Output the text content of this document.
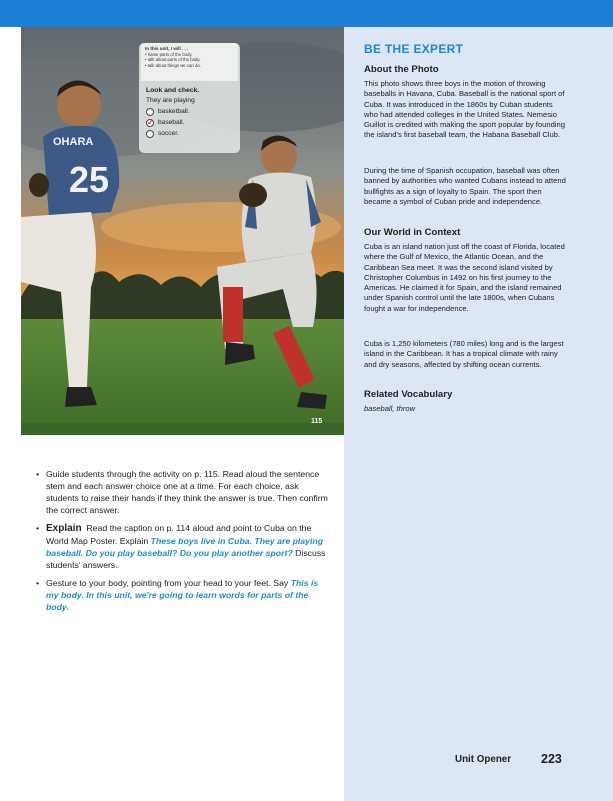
OHARA
25
115
In this unit, I will . . .
• name parts of the body.
• talk about parts of the body.
• talk about things we can do.
Look and check.
They are playing
basketball.
✓
baseball.
soccer.
BE THE EXPERT
About the Photo
This photo shows three boys in the motion of throwing baseballs in Havana, Cuba. Baseball is the national sport of Cuba. It was introduced in the 1860s by Cuban students who had attended colleges in the United States. Nemesio Guillot is credited with making the sport popular by founding the island's first baseball team, the Habana Baseball Club.
During the time of Spanish occupation, baseball was often banned by authorities who wanted Cubans instead to attend bullfights as a sign of loyalty to Spain. The sport then became a symbol of Cuban pride and independence.
Our World in Context
Cuba is an island nation just off the coast of Florida, located where the Gulf of Mexico, the Atlantic Ocean, and the Caribbean Sea meet. It was the second island visited by Christopher Columbus in 1492 on his first journey to the Americas. He claimed it for Spain, and the island remained under Spanish control until the late 1800s, when Cubans fought a war for independence.
Cuba is 1,250 kilometers (780 miles) long and is the largest island in the Caribbean. It has a tropical climate with rainy and dry seasons, affected by shifting ocean currents.
Related Vocabulary
baseball, throw
• Guide students through the activity on p. 115. Read aloud the sentence stem and each answer choice one at a time. For each choice, ask students to raise their hands if they think the answer is true. Then confirm the correct answer.
• Explain Read the caption on p. 114 aloud and point to Cuba on the World Map Poster. Explain These boys live in Cuba. They are playing baseball. Do you play baseball? Do you play another sport? Discuss students' answers.
• Gesture to your body, pointing from your head to your feet. Say This is my body. In this unit, we're going to learn words for parts of the body.
Unit Opener 223
